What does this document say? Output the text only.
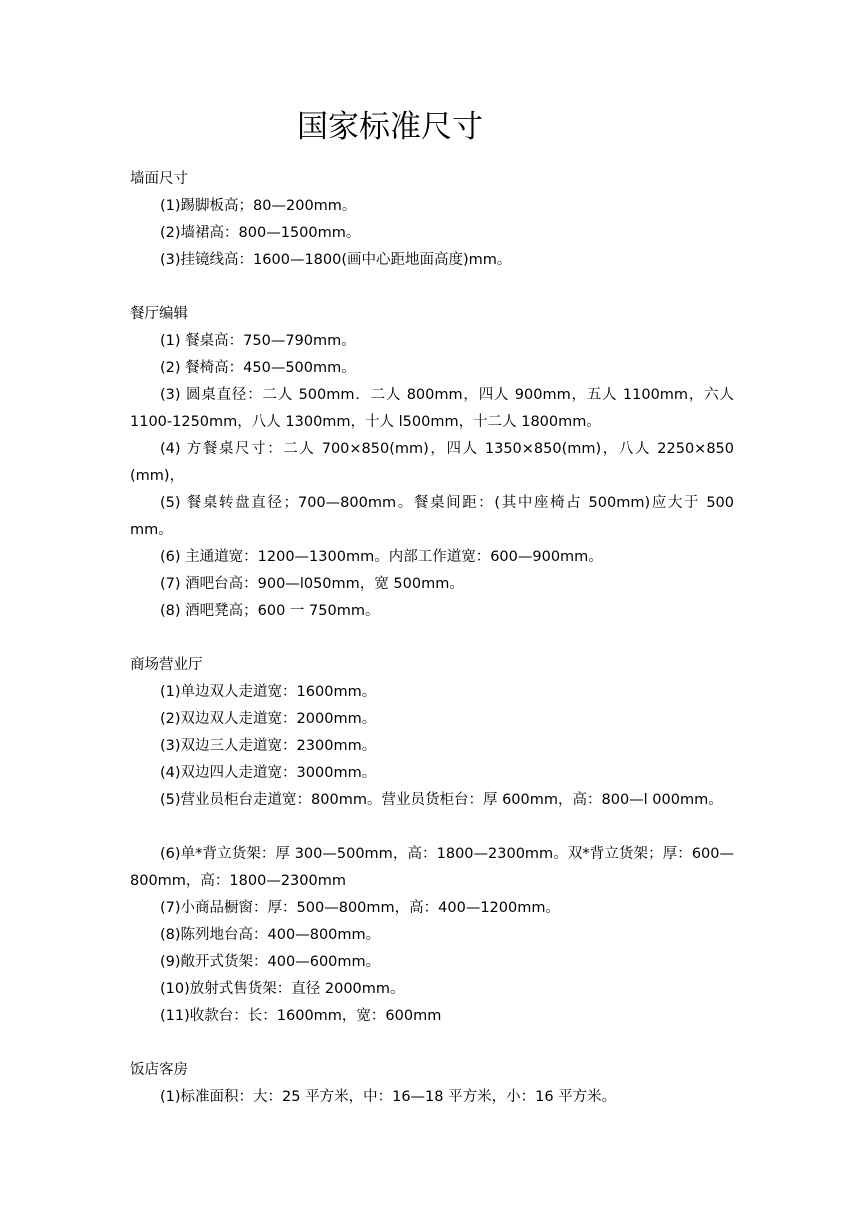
国家标准尺寸
墙面尺寸
(1)踢脚板高；80—200mm。
(2)墙裙高：800—1500mm。
(3)挂镜线高：1600—1800(画中心距地面高度)mm。
餐厅编辑
(1) 餐桌高：750—790mm。
(2) 餐椅高：450—500mm。
(3) 圆桌直径：二人 500mm．二人 800mm，四人 900mm，五人 1100mm，六人 1100-1250mm，八人 1300mm，十人 l500mm，十二人 1800mm。
(4) 方餐桌尺寸：二人 700×850(mm)，四人 1350×850(mm)，八人 2250×850 (mm)，
(5) 餐桌转盘直径；700—800mm。餐桌间距：(其中座椅占 500mm)应大于 500 mm。
(6) 主通道宽：1200—1300mm。内部工作道宽：600—900mm。
(7) 酒吧台高：900—l050mm，宽 500mm。
(8) 酒吧凳高；600 一 750mm。
商场营业厅
(1)单边双人走道宽：1600mm。
(2)双边双人走道宽：2000mm。
(3)双边三人走道宽：2300mm。
(4)双边四人走道宽：3000mm。
(5)营业员柜台走道宽：800mm。营业员货柜台：厚 600mm，高：800—l 000mm。
(6)单*背立货架：厚 300—500mm，高：1800—2300mm。双*背立货架；厚：600—800mm，高：1800—2300mm
(7)小商品橱窗：厚：500—800mm，高：400—1200mm。
(8)陈列地台高：400—800mm。
(9)敞开式货架：400—600mm。
(10)放射式售货架：直径 2000mm。
(11)收款台：长：1600mm，宽：600mm
饭店客房
(1)标准面积：大：25 平方米，中：16—18 平方米，小：16 平方米。
